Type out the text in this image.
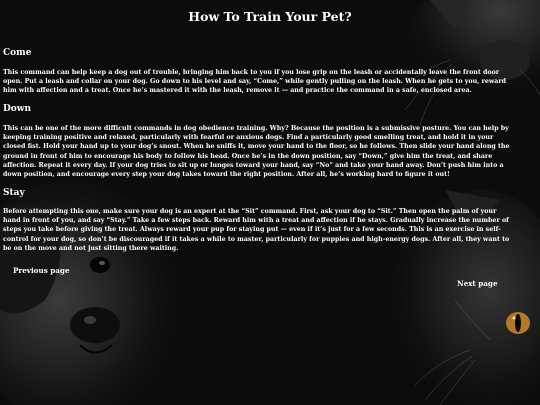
How To Train Your Pet?
Come

This command can help keep a dog out of trouble, bringing him back to you if you lose grip on the leash or accidentally leave the front door open. Put a leash and collar on your dog. Go down to his level and say, “Come,” while gently pulling on the leash. When he gets to you, reward him with affection and a treat. Once he’s mastered it with the leash, remove it — and practice the command in a safe, enclosed area.

Down

This can be one of the more difficult commands in dog obedience training. Why? Because the position is a submissive posture. You can help by keeping training positive and relaxed, particularly with fearful or anxious dogs. Find a particularly good smelling treat, and hold it in your closed fist. Hold your hand up to your dog’s snout. When he sniffs it, move your hand to the floor, so he follows. Then slide your hand along the ground in front of him to encourage his body to follow his head. Once he’s in the down position, say “Down,” give him the treat, and share affection. Repeat it every day. If your dog tries to sit up or lunges toward your hand, say “No” and take your hand away. Don’t push him into a down position, and encourage every step your dog takes toward the right position. After all, he’s working hard to figure it out!

Stay

Before attempting this one, make sure your dog is an expert at the “Sit” command. First, ask your dog to “Sit.” Then open the palm of your hand in front of you, and say “Stay.” Take a few steps back. Reward him with a treat and affection if he stays. Gradually increase the number of steps you take before giving the treat. Always reward your pup for staying put — even if it’s just for a few seconds. This is an exercise in self-control for your dog, so don’t be discouraged if it takes a while to master, particularly for puppies and high-energy dogs. After all, they want to be on the move and not just sitting there waiting.

Previous page
Next page
